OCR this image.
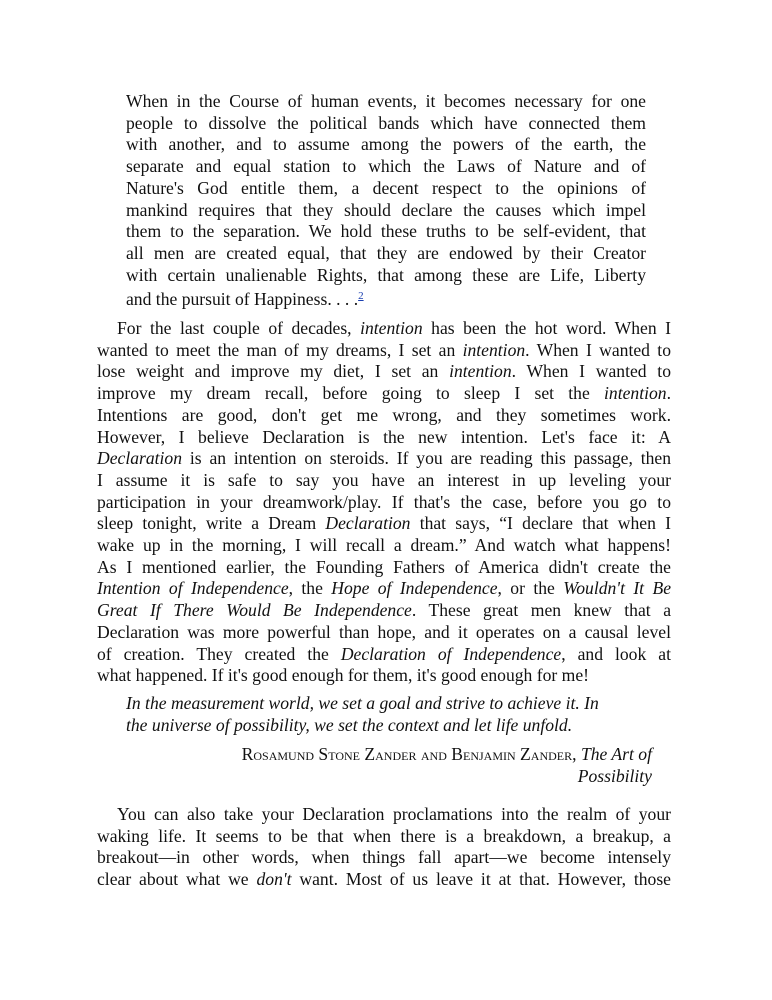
When in the Course of human events, it becomes necessary for one
people to dissolve the political bands which have connected them
with another, and to assume among the powers of the earth, the
separate and equal station to which the Laws of Nature and of
Nature's God entitle them, a decent respect to the opinions of
mankind requires that they should declare the causes which impel
them to the separation. We hold these truths to be self-evident, that
all men are created equal, that they are endowed by their Creator
with certain unalienable Rights, that among these are Life, Liberty
and the pursuit of Happiness. . . .$^2$
For the last couple of decades, intention has been the hot word. When I
wanted to meet the man of my dreams, I set an intention. When I wanted to
lose weight and improve my diet, I set an intention. When I wanted to
improve my dream recall, before going to sleep I set the intention.
Intentions are good, don't get me wrong, and they sometimes work.
However, I believe Declaration is the new intention. Let's face it: A
Declaration is an intention on steroids. If you are reading this passage, then
I assume it is safe to say you have an interest in up leveling your
participation in your dreamwork/play. If that's the case, before you go to
sleep tonight, write a Dream Declaration that says, “I declare that when I
wake up in the morning, I will recall a dream.” And watch what happens!
As I mentioned earlier, the Founding Fathers of America didn't create the
Intention of Independence, the Hope of Independence, or the Wouldn't It Be
Great If There Would Be Independence. These great men knew that a
Declaration was more powerful than hope, and it operates on a causal level
of creation. They created the Declaration of Independence, and look at
what happened. If it's good enough for them, it's good enough for me!
In the measurement world, we set a goal and strive to achieve it. In
the universe of possibility, we set the context and let life unfold.
Rosamund Stone Zander and Benjamin Zander, The Art of
Possibility
You can also take your Declaration proclamations into the realm of your
waking life. It seems to be that when there is a breakdown, a breakup, a
breakout—in other words, when things fall apart—we become intensely
clear about what we don't want. Most of us leave it at that. However, those
